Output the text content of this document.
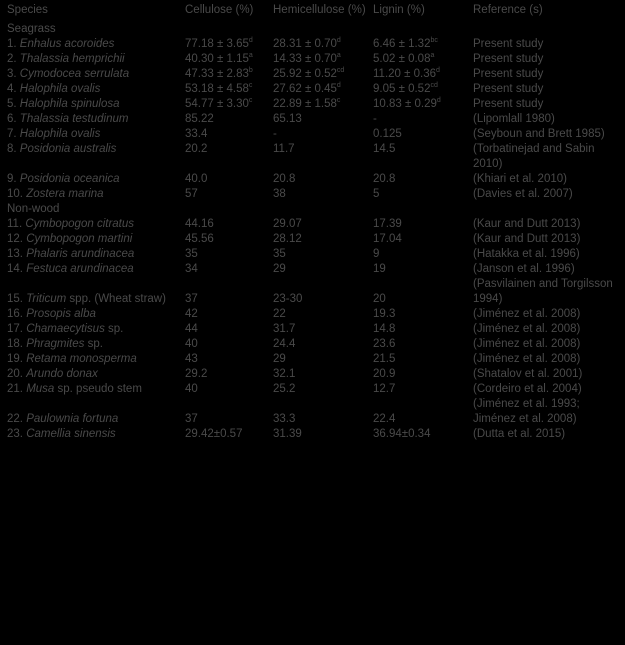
Species	Cellulose (%)	Hemicellulose (%)	Lignin (%)	Reference (s)
Seagrass				
1. Enhalus acoroides	77.18 ± 3.65$^d$	28.31 ± 0.70$^d$	6.46 ± 1.32$^{bc}$	Present study
2. Thalassia hemprichii	40.30 ± 1.15$^a$	14.33 ± 0.70$^a$	5.02 ± 0.08$^a$	Present study
3. Cymodocea serrulata	47.33 ± 2.83$^b$	25.92 ± 0.52$^{cd}$	11.20 ± 0.36$^d$	Present study
4. Halophila ovalis	53.18 ± 4.58$^c$	27.62 ± 0.45$^d$	9.05 ± 0.52$^{cd}$	Present study
5. Halophila spinulosa	54.77 ± 3.30$^c$	22.89 ± 1.58$^c$	10.83 ± 0.29$^d$	Present study
6. Thalassia testudinum	85.22	65.13	-	(Lipomlall 1980)
7. Halophila ovalis	33.4	-	0.125	(Seyboun and Brett 1985)
8. Posidonia australis	20.2	11.7	14.5	(Torbatinejad and Sabin 2010)
9. Posidonia oceanica	40.0	20.8	20.8	(Khiari et al. 2010)
10. Zostera marina	57	38	5	(Davies et al. 2007)
Non-wood				
11. Cymbopogon citratus	44.16	29.07	17.39	(Kaur and Dutt 2013)
12. Cymbopogon martini	45.56	28.12	17.04	(Kaur and Dutt 2013)
13. Phalaris arundinacea	35	35	9	(Hatakka et al. 1996)
14. Festuca arundinacea	34	29	19	(Janson et al. 1996)
15. Triticum spp. (Wheat straw)	37	23-30	20	(Pasvilainen and Torgilsson 1994)
16. Prosopis alba	42	22	19.3	(Jiménez et al. 2008)
17. Chamaecytisus sp.	44	31.7	14.8	(Jiménez et al. 2008)
18. Phragmites sp.	40	24.4	23.6	(Jiménez et al. 2008)
19. Retama monosperma	43	29	21.5	(Jiménez et al. 2008)
20. Arundo donax	29.2	32.1	20.9	(Shatalov et al. 2001)
21. Musa sp. pseudo stem	40	25.2	12.7	(Cordeiro et al. 2004)
22. Paulownia fortuna	37	33.3	22.4	(Jiménez et al. 1993; Jiménez et al. 2008)
23. Camellia sinensis	29.42±0.57	31.39	36.94±0.34	(Dutta et al. 2015)
